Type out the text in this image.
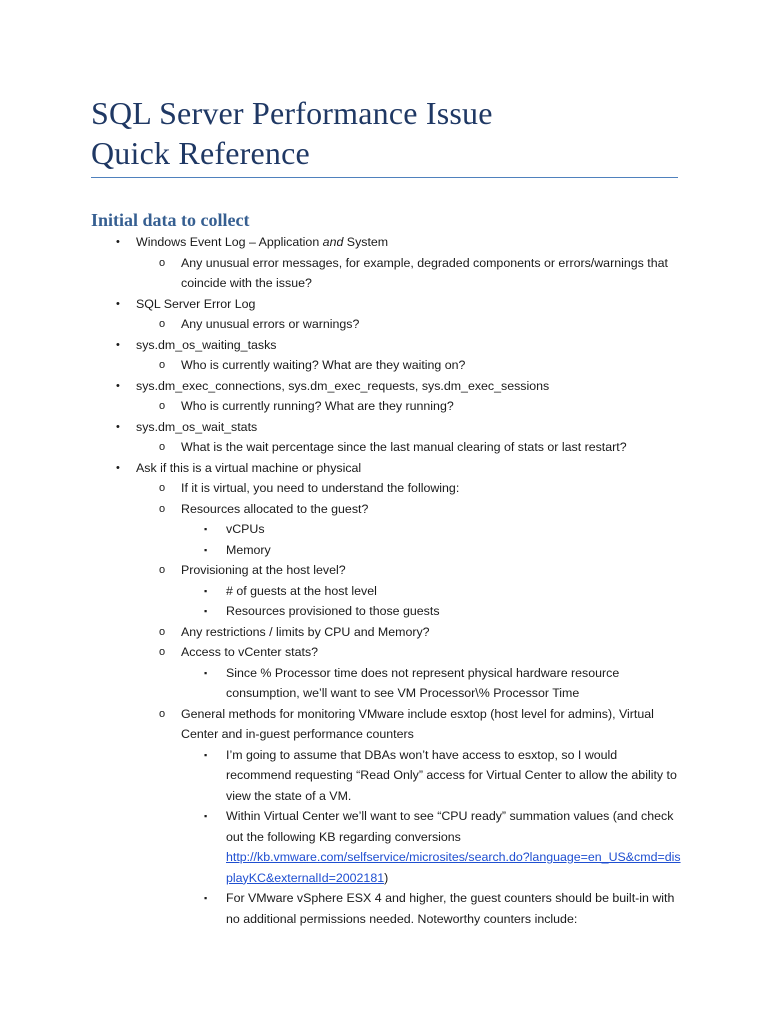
SQL Server Performance Issue
Quick Reference
Initial data to collect
• Windows Event Log – Application and System
o Any unusual error messages, for example, degraded components or errors/warnings that coincide with the issue?
• SQL Server Error Log
o Any unusual errors or warnings?
• sys.dm_os_waiting_tasks
o Who is currently waiting? What are they waiting on?
• sys.dm_exec_connections, sys.dm_exec_requests, sys.dm_exec_sessions
o Who is currently running? What are they running?
• sys.dm_os_wait_stats
o What is the wait percentage since the last manual clearing of stats or last restart?
• Ask if this is a virtual machine or physical
o If it is virtual, you need to understand the following:
o Resources allocated to the guest?
▪ vCPUs
▪ Memory
o Provisioning at the host level?
▪ # of guests at the host level
▪ Resources provisioned to those guests
o Any restrictions / limits by CPU and Memory?
o Access to vCenter stats?
▪ Since % Processor time does not represent physical hardware resource consumption, we’ll want to see VM Processor\% Processor Time
o General methods for monitoring VMware include esxtop (host level for admins), Virtual Center and in-guest performance counters
▪ I’m going to assume that DBAs won’t have access to esxtop, so I would recommend requesting “Read Only” access for Virtual Center to allow the ability to view the state of a VM.
▪ Within Virtual Center we’ll want to see “CPU ready” summation values (and check out the following KB regarding conversions
http://kb.vmware.com/selfservice/microsites/search.do?language=en_US&cmd=displayKC&externalId=2002181)
▪ For VMware vSphere ESX 4 and higher, the guest counters should be built-in with no additional permissions needed. Noteworthy counters include:
